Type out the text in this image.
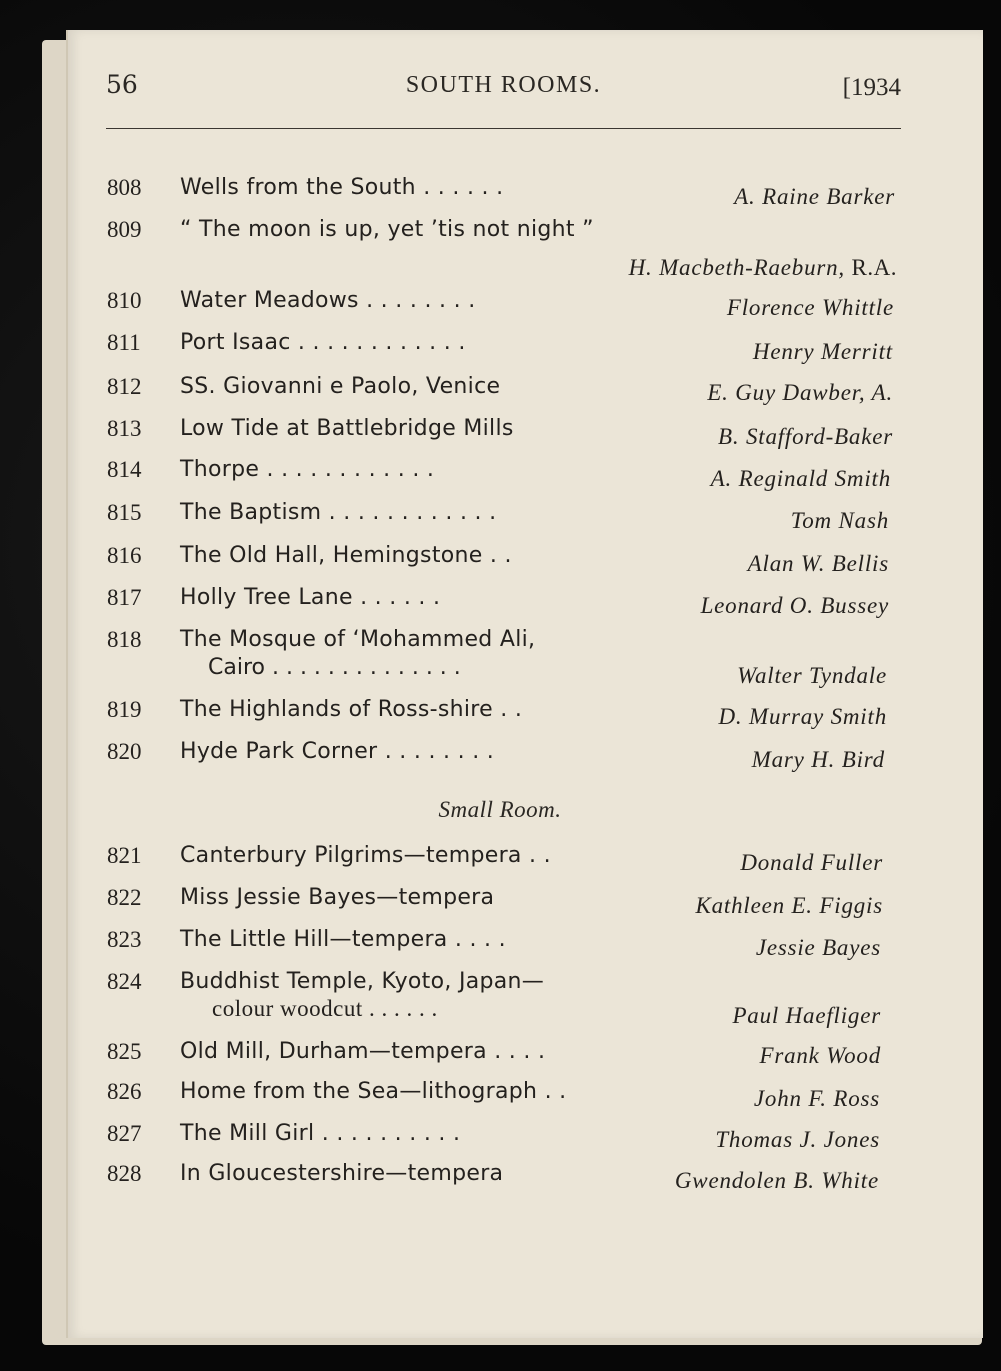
56	SOUTH ROOMS.	[1934
808 Wells from the South . . . . . .	A. Raine Barker
809 “ The moon is up, yet ’tis not night ”
H. Macbeth-Raeburn, R.A.
810 Water Meadows . . . . . . . .	Florence Whittle
811 Port Isaac . . . . . . . . . . . .	Henry Merritt
812 SS. Giovanni e Paolo, Venice	E. Guy Dawber, A.
813 Low Tide at Battlebridge Mills	B. Stafford-Baker
814 Thorpe . . . . . . . . . . . .	A. Reginald Smith
815 The Baptism . . . . . . . . . . . .	Tom Nash
816 The Old Hall, Hemingstone . .	Alan W. Bellis
817 Holly Tree Lane . . . . . .	Leonard O. Bussey
818 The Mosque of ‘Mohammed Ali,
Cairo . . . . . . . . . . . . . .	Walter Tyndale
819 The Highlands of Ross-shire . .	D. Murray Smith
820 Hyde Park Corner . . . . . . . .	Mary H. Bird
Small Room.
821 Canterbury Pilgrims—tempera . .	Donald Fuller
822 Miss Jessie Bayes—tempera	Kathleen E. Figgis
823 The Little Hill—tempera . . . .	Jessie Bayes
824 Buddhist Temple, Kyoto, Japan—
colour woodcut . . . . . .	Paul Haefliger
825 Old Mill, Durham—tempera . . . .	Frank Wood
826 Home from the Sea—lithograph . .	John F. Ross
827 The Mill Girl . . . . . . . . . .	Thomas J. Jones
828 In Gloucestershire—tempera	Gwendolen B. White
